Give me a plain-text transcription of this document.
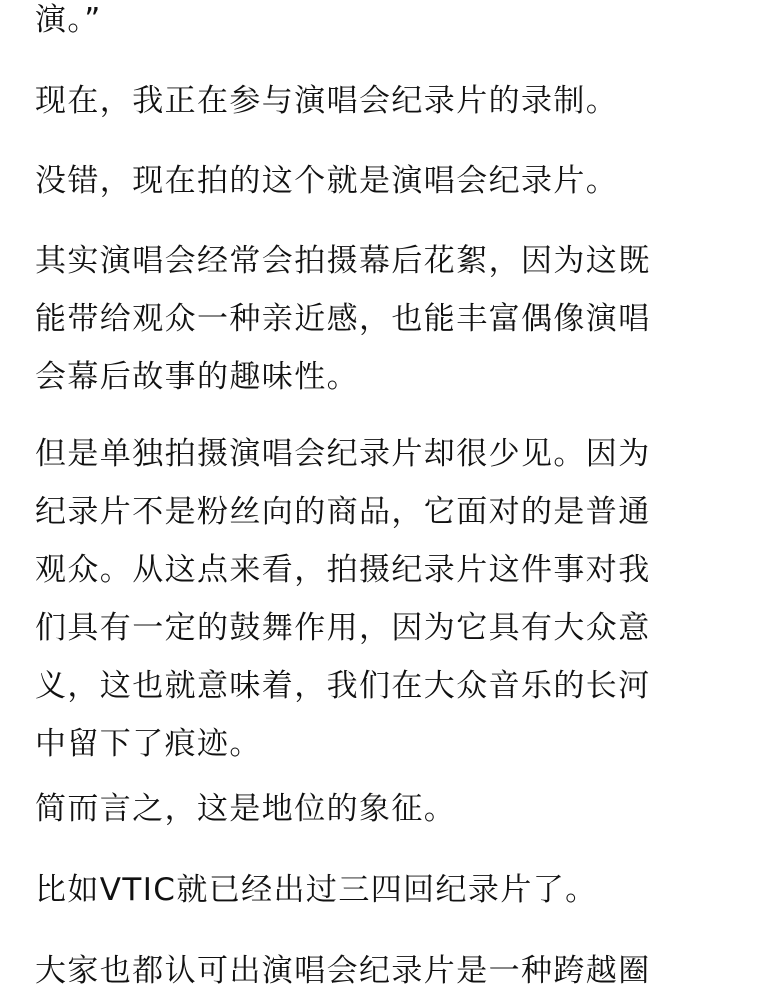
演。”
现在，我正在参与演唱会纪录片的录制。
没错，现在拍的这个就是演唱会纪录片。
其实演唱会经常会拍摄幕后花絮，因为这既
能带给观众一种亲近感，也能丰富偶像演唱
会幕后故事的趣味性。
但是单独拍摄演唱会纪录片却很少见。因为
纪录片不是粉丝向的商品，它面对的是普通
观众。从这点来看，拍摄纪录片这件事对我
们具有一定的鼓舞作用，因为它具有大众意
义，这也就意味着，我们在大众音乐的长河
中留下了痕迹。
简而言之，这是地位的象征。
比如VTIC就已经出过三四回纪录片了。
大家也都认可出演唱会纪录片是一种跨越圈
